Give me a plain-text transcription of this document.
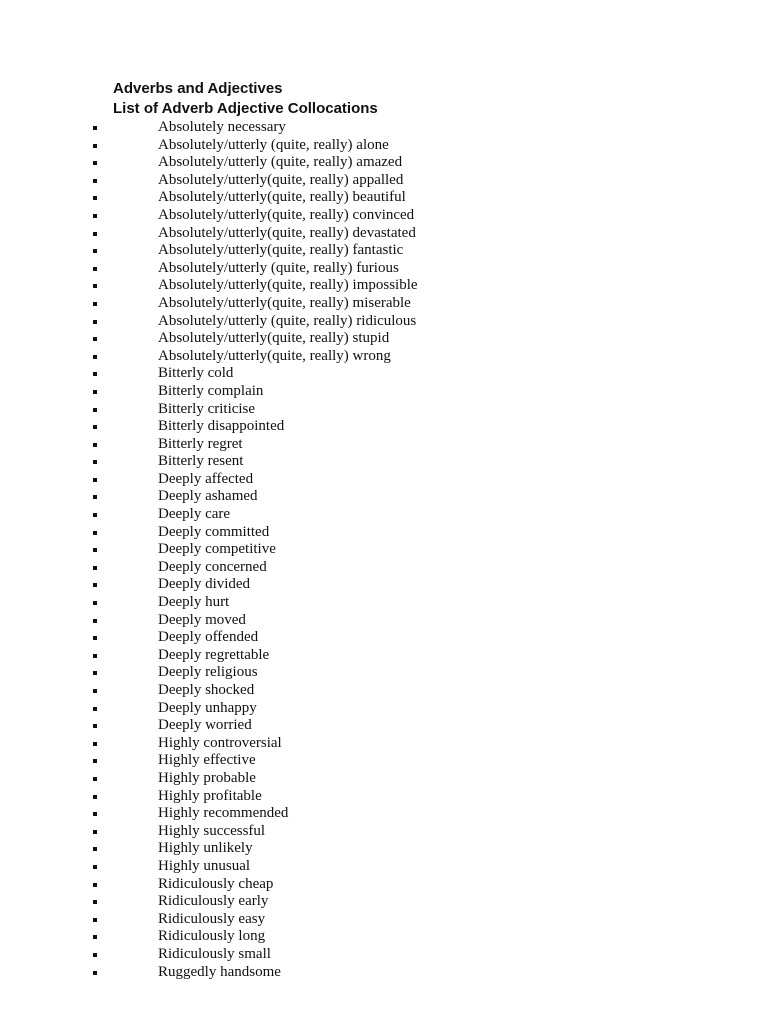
Adverbs and Adjectives
List of Adverb Adjective Collocations
Absolutely necessary
Absolutely/utterly (quite, really) alone
Absolutely/utterly (quite, really) amazed
Absolutely/utterly(quite, really) appalled
Absolutely/utterly(quite, really) beautiful
Absolutely/utterly(quite, really) convinced
Absolutely/utterly(quite, really) devastated
Absolutely/utterly(quite, really) fantastic
Absolutely/utterly (quite, really) furious
Absolutely/utterly(quite, really) impossible
Absolutely/utterly(quite, really) miserable
Absolutely/utterly (quite, really) ridiculous
Absolutely/utterly(quite, really) stupid
Absolutely/utterly(quite, really) wrong
Bitterly cold
Bitterly complain
Bitterly criticise
Bitterly disappointed
Bitterly regret
Bitterly resent
Deeply affected
Deeply ashamed
Deeply care
Deeply committed
Deeply competitive
Deeply concerned
Deeply divided
Deeply hurt
Deeply moved
Deeply offended
Deeply regrettable
Deeply religious
Deeply shocked
Deeply unhappy
Deeply worried
Highly controversial
Highly effective
Highly probable
Highly profitable
Highly recommended
Highly successful
Highly unlikely
Highly unusual
Ridiculously cheap
Ridiculously early
Ridiculously easy
Ridiculously long
Ridiculously small
Ruggedly handsome
